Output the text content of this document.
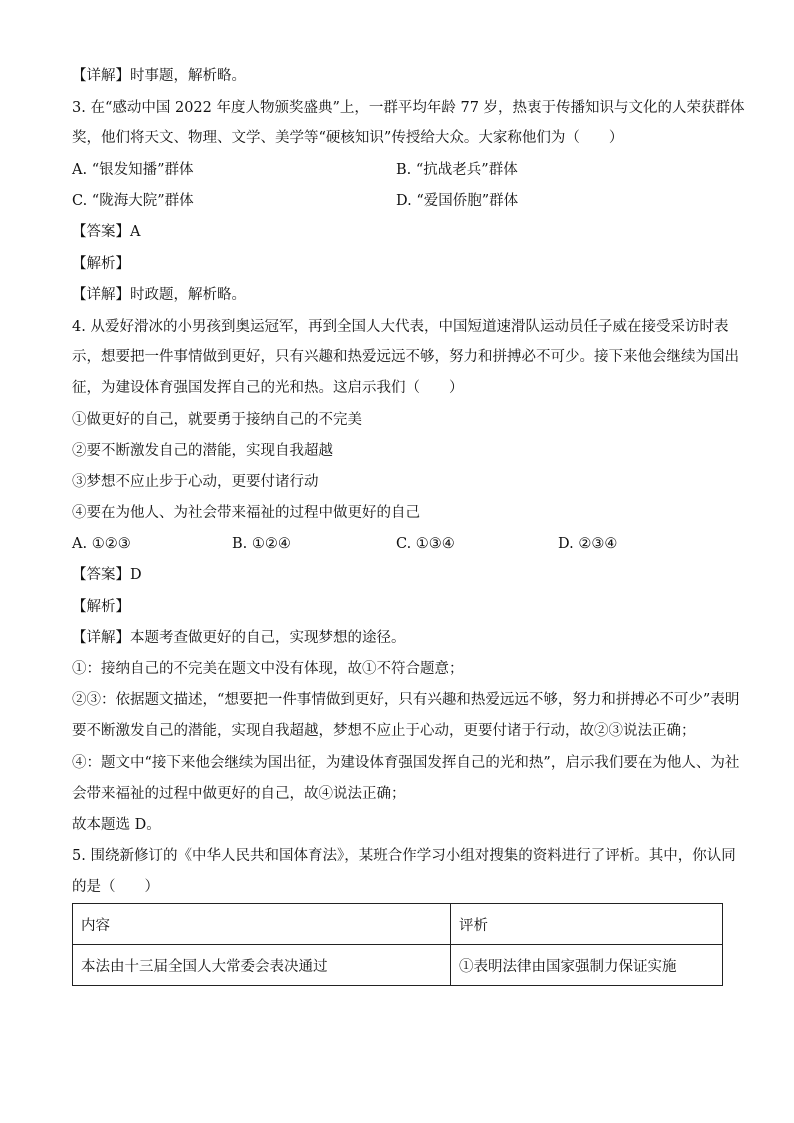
【详解】时事题，解析略。
3. 在“感动中国 2022 年度人物颁奖盛典”上，一群平均年龄 77 岁，热衷于传播知识与文化的人荣获群体
奖，他们将天文、物理、文学、美学等“硬核知识”传授给大众。大家称他们为（　　）
A. “银发知播”群体	B. “抗战老兵”群体
C. “陇海大院”群体	D. “爱国侨胞”群体
【答案】A
【解析】
【详解】时政题，解析略。
4. 从爱好滑冰的小男孩到奥运冠军，再到全国人大代表，中国短道速滑队运动员任子威在接受采访时表
示，想要把一件事情做到更好，只有兴趣和热爱远远不够，努力和拼搏必不可少。接下来他会继续为国出
征，为建设体育强国发挥自己的光和热。这启示我们（　　）
①做更好的自己，就要勇于接纳自己的不完美
②要不断激发自己的潜能，实现自我超越
③梦想不应止步于心动，更要付诸行动
④要在为他人、为社会带来福祉的过程中做更好的自己
A. ①②③	B. ①②④	C. ①③④	D. ②③④
【答案】D
【解析】
【详解】本题考查做更好的自己，实现梦想的途径。
①：接纳自己的不完美在题文中没有体现，故①不符合题意；
②③：依据题文描述，“想要把一件事情做到更好，只有兴趣和热爱远远不够，努力和拼搏必不可少”表明
要不断激发自己的潜能，实现自我超越，梦想不应止于心动，更要付诸于行动，故②③说法正确；
④：题文中“接下来他会继续为国出征，为建设体育强国发挥自己的光和热”，启示我们要在为他人、为社
会带来福祉的过程中做更好的自己，故④说法正确；
故本题选 D。
5. 围绕新修订的《中华人民共和国体育法》，某班合作学习小组对搜集的资料进行了评析。其中，你认同
的是（　　）
内容	评析
本法由十三届全国人大常委会表决通过	①表明法律由国家强制力保证实施
